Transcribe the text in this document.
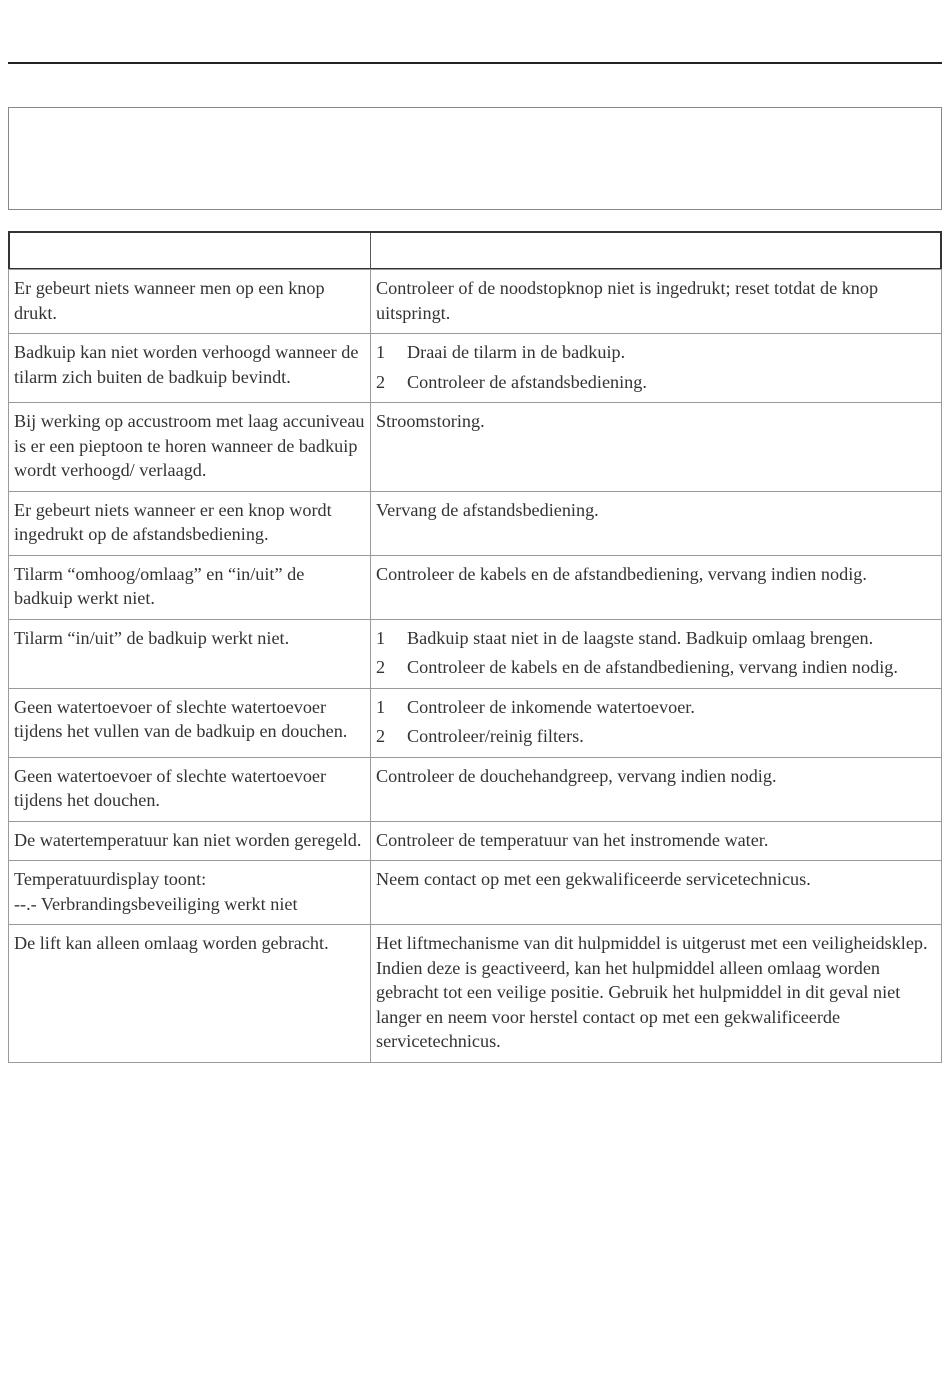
Er gebeurt niets wanneer men op een knop drukt.	Controleer of de noodstopknop niet is ingedrukt; reset totdat de knop uitspringt.
Badkuip kan niet worden verhoogd wanneer de tilarm zich buiten de badkuip bevindt.	1 Draai de tilarm in de badkuip.
2 Controleer de afstandsbediening.

Bij werking op accustroom met laag accuniveau is er een pieptoon te horen wanneer de badkuip wordt verhoogd/ verlaagd.	Stroomstoring.
Er gebeurt niets wanneer er een knop wordt ingedrukt op de afstandsbediening.	Vervang de afstandsbediening.
Tilarm “omhoog/omlaag” en “in/uit” de badkuip werkt niet.	Controleer de kabels en de afstandbediening, vervang indien nodig.
Tilarm “in/uit” de badkuip werkt niet.	1 Badkuip staat niet in de laagste stand. Badkuip omlaag brengen.
2 Controleer de kabels en de afstandbediening, vervang indien nodig.

Geen watertoevoer of slechte watertoevoer tijdens het vullen van de badkuip en douchen.	1 Controleer de inkomende watertoevoer.
2 Controleer/reinig filters.

Geen watertoevoer of slechte watertoevoer tijdens het douchen.	Controleer de douchehandgreep, vervang indien nodig.
De watertemperatuur kan niet worden geregeld.	Controleer de temperatuur van het instromende water.

Temperatuurdisplay toont:
--.- Verbrandingsbeveiliging werkt niet	Neem contact op met een gekwalificeerde servicetechnicus.
De lift kan alleen omlaag worden gebracht.	Het liftmechanisme van dit hulpmiddel is uitgerust met een veiligheidsklep. Indien deze is geactiveerd, kan het hulpmiddel alleen omlaag worden gebracht tot een veilige positie. Gebruik het hulpmiddel in dit geval niet langer en neem voor herstel contact op met een gekwalificeerde servicetechnicus.
